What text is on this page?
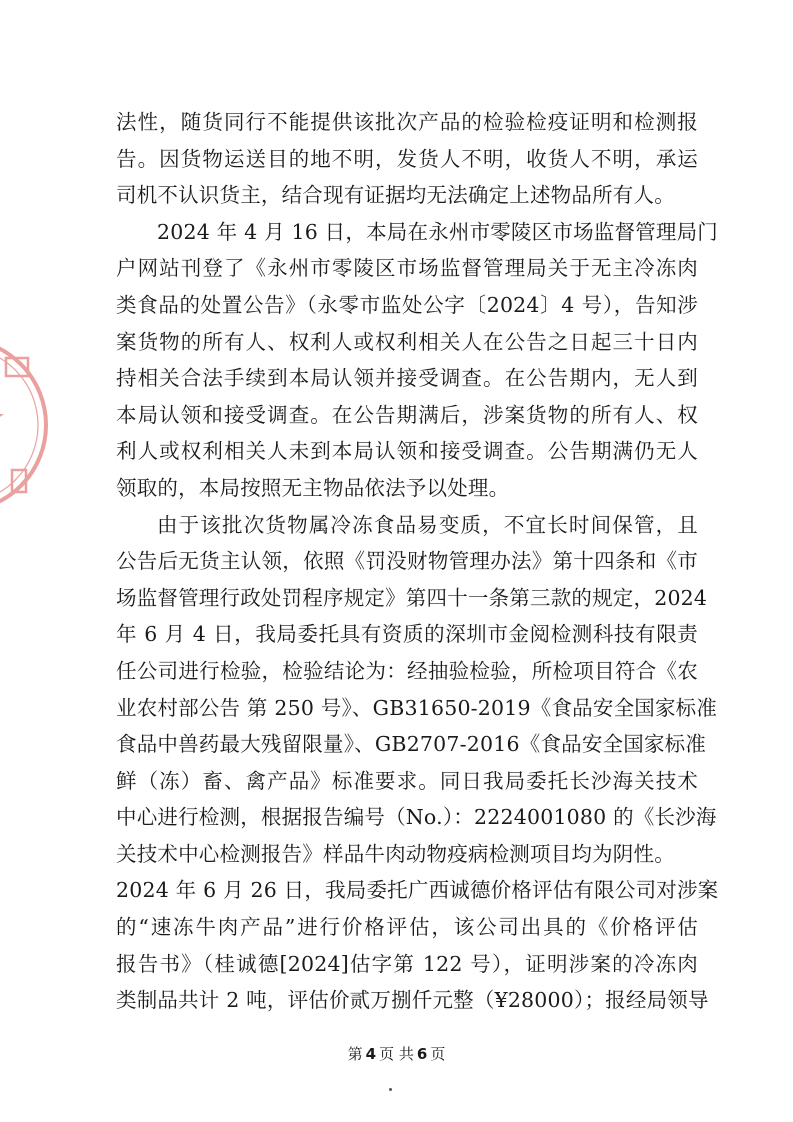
法性，随货同行不能提供该批次产品的检验检疫证明和检测报
告。因货物运送目的地不明，发货人不明，收货人不明，承运
司机不认识货主，结合现有证据均无法确定上述物品所有人。
2024 年 4 月 16 日，本局在永州市零陵区市场监督管理局门
户网站刊登了《永州市零陵区市场监督管理局关于无主冷冻肉
类食品的处置公告》（永零市监处公字〔2024〕4 号），告知涉
案货物的所有人、权利人或权利相关人在公告之日起三十日内
持相关合法手续到本局认领并接受调查。在公告期内，无人到
本局认领和接受调查。在公告期满后，涉案货物的所有人、权
利人或权利相关人未到本局认领和接受调查。公告期满仍无人
领取的，本局按照无主物品依法予以处理。
由于该批次货物属冷冻食品易变质，不宜长时间保管，且
公告后无货主认领，依照《罚没财物管理办法》第十四条和《市
场监督管理行政处罚程序规定》第四十一条第三款的规定，2024
年 6 月 4 日，我局委托具有资质的深圳市金阅检测科技有限责
任公司进行检验，检验结论为：经抽验检验，所检项目符合《农
业农村部公告 第 250 号》、GB31650-2019《食品安全国家标准
食品中兽药最大残留限量》、GB2707-2016《食品安全国家标准
鲜（冻）畜、禽产品》标准要求。同日我局委托长沙海关技术
中心进行检测，根据报告编号（No.）：2224001080 的《长沙海
关技术中心检测报告》样品牛肉动物疫病检测项目均为阴性。
2024 年 6 月 26 日，我局委托广西诚德价格评估有限公司对涉案
的“速冻牛肉产品”进行价格评估，该公司出具的《价格评估
报告书》（桂诚德[2024]估字第 122 号），证明涉案的冷冻肉
类制品共计 2 吨，评估价贰万捌仟元整（¥28000）；报经局领导
第 4 页 共 6 页
